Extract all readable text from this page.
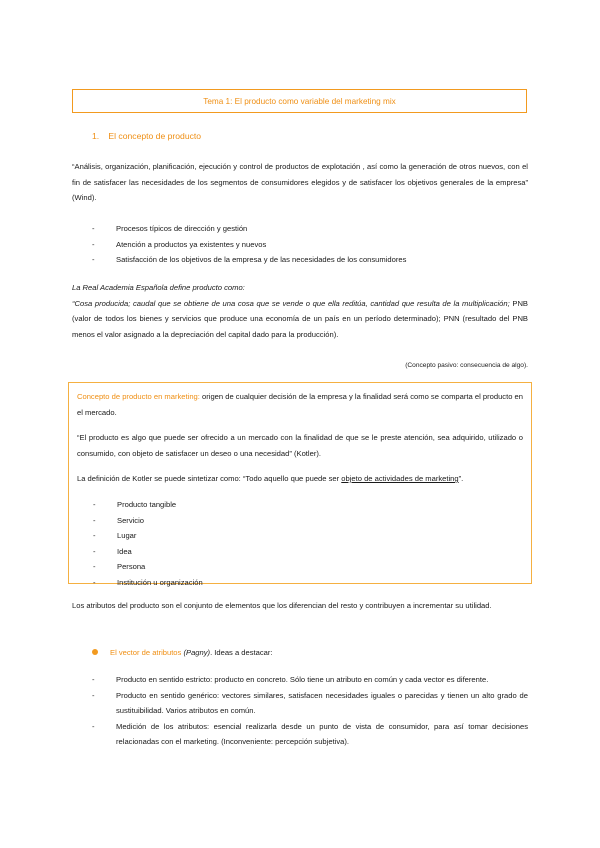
Tema 1: El producto como variable del marketing mix
1. El concepto de producto
“Análisis, organización, planificación, ejecución y control de productos de explotación , así como la generación de otros nuevos, con el fin de satisfacer las necesidades de los segmentos de consumidores elegidos y de satisfacer los objetivos generales de la empresa” (Wind).
- Procesos típicos de dirección y gestión
- Atención a productos ya existentes y nuevos
- Satisfacción de los objetivos de la empresa y de las necesidades de los consumidores
La Real Academia Española define producto como:
“Cosa producida; caudal que se obtiene de una cosa que se vende o que ella reditúa, cantidad que resulta de la multiplicación; PNB (valor de todos los bienes y servicios que produce una economía de un país en un período determinado); PNN (resultado del PNB menos el valor asignado a la depreciación del capital dado para la producción).
(Concepto pasivo: consecuencia de algo).
Concepto de producto en marketing: origen de cualquier decisión de la empresa y la finalidad será como se comparta el producto en el mercado.
“El producto es algo que puede ser ofrecido a un mercado con la finalidad de que se le preste atención, sea adquirido, utilizado o consumido, con objeto de satisfacer un deseo o una necesidad” (Kotler).
La definición de Kotler se puede sintetizar como: “Todo aquello que puede ser objeto de actividades de marketing”.
- Producto tangible
- Servicio
- Lugar
- Idea
- Persona
- Institución u organización
Los atributos del producto son el conjunto de elementos que los diferencian del resto y contribuyen a incrementar su utilidad.
El vector de atributos (Pagny). Ideas a destacar:
- Producto en sentido estricto: producto en concreto. Sólo tiene un atributo en común y cada vector es diferente.
- Producto en sentido genérico: vectores similares, satisfacen necesidades iguales o parecidas y tienen un alto grado de sustituibilidad. Varios atributos en común.
- Medición de los atributos: esencial realizarla desde un punto de vista de consumidor, para así tomar decisiones relacionadas con el marketing. (Inconveniente: percepción subjetiva).
